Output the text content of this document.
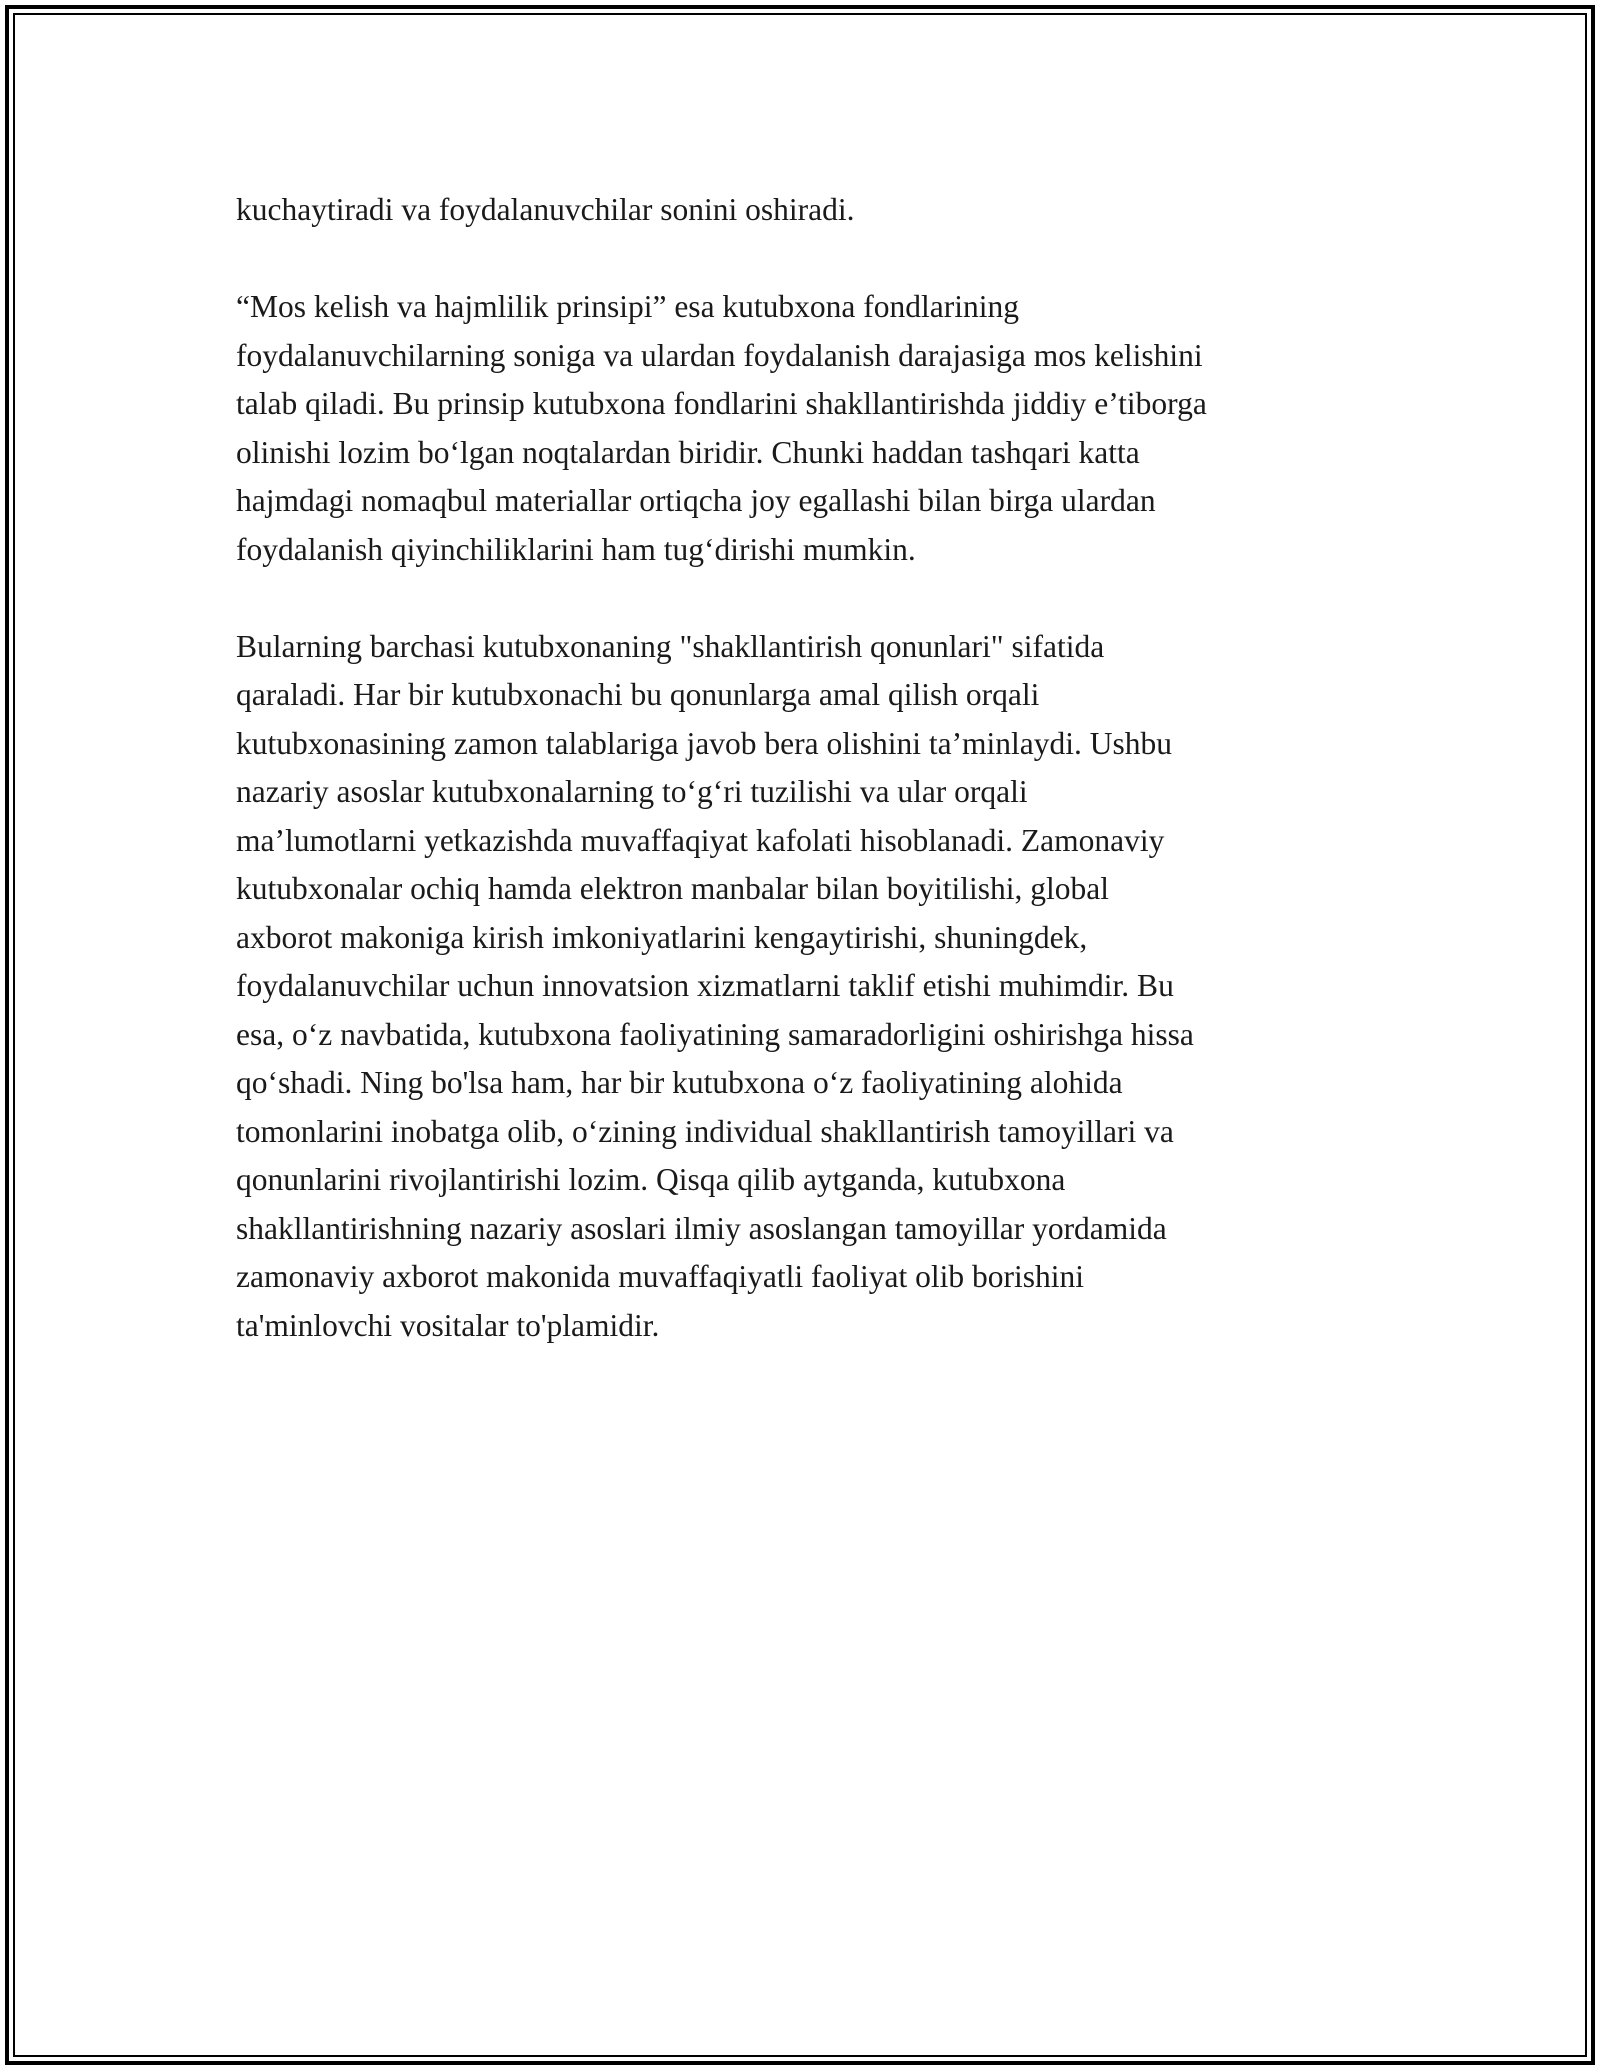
kuchaytiradi va foydalanuvchilar sonini oshiradi.

“Mos kelish va hajmlilik prinsipi” esa kutubxona fondlarining
foydalanuvchilarning soniga va ulardan foydalanish darajasiga mos kelishini
talab qiladi. Bu prinsip kutubxona fondlarini shakllantirishda jiddiy e’tiborga
olinishi lozim boʻlgan noqtalardan biridir. Chunki haddan tashqari katta
hajmdagi nomaqbul materiallar ortiqcha joy egallashi bilan birga ulardan
foydalanish qiyinchiliklarini ham tugʻdirishi mumkin.

Bularning barchasi kutubxonaning "shakllantirish qonunlari" sifatida
qaraladi. Har bir kutubxonachi bu qonunlarga amal qilish orqali
kutubxonasining zamon talablariga javob bera olishini ta’minlaydi. Ushbu
nazariy asoslar kutubxonalarning toʻgʻri tuzilishi va ular orqali
ma’lumotlarni yetkazishda muvaffaqiyat kafolati hisoblanadi. Zamonaviy
kutubxonalar ochiq hamda elektron manbalar bilan boyitilishi, global
axborot makoniga kirish imkoniyatlarini kengaytirishi, shuningdek,
foydalanuvchilar uchun innovatsion xizmatlarni taklif etishi muhimdir. Bu
esa, oʻz navbatida, kutubxona faoliyatining samaradorligini oshirishga hissa
qoʻshadi. Ning bo'lsa ham, har bir kutubxona oʻz faoliyatining alohida
tomonlarini inobatga olib, oʻzining individual shakllantirish tamoyillari va
qonunlarini rivojlantirishi lozim. Qisqa qilib aytganda, kutubxona
shakllantirishning nazariy asoslari ilmiy asoslangan tamoyillar yordamida
zamonaviy axborot makonida muvaffaqiyatli faoliyat olib borishini
ta'minlovchi vositalar to'plamidir.
